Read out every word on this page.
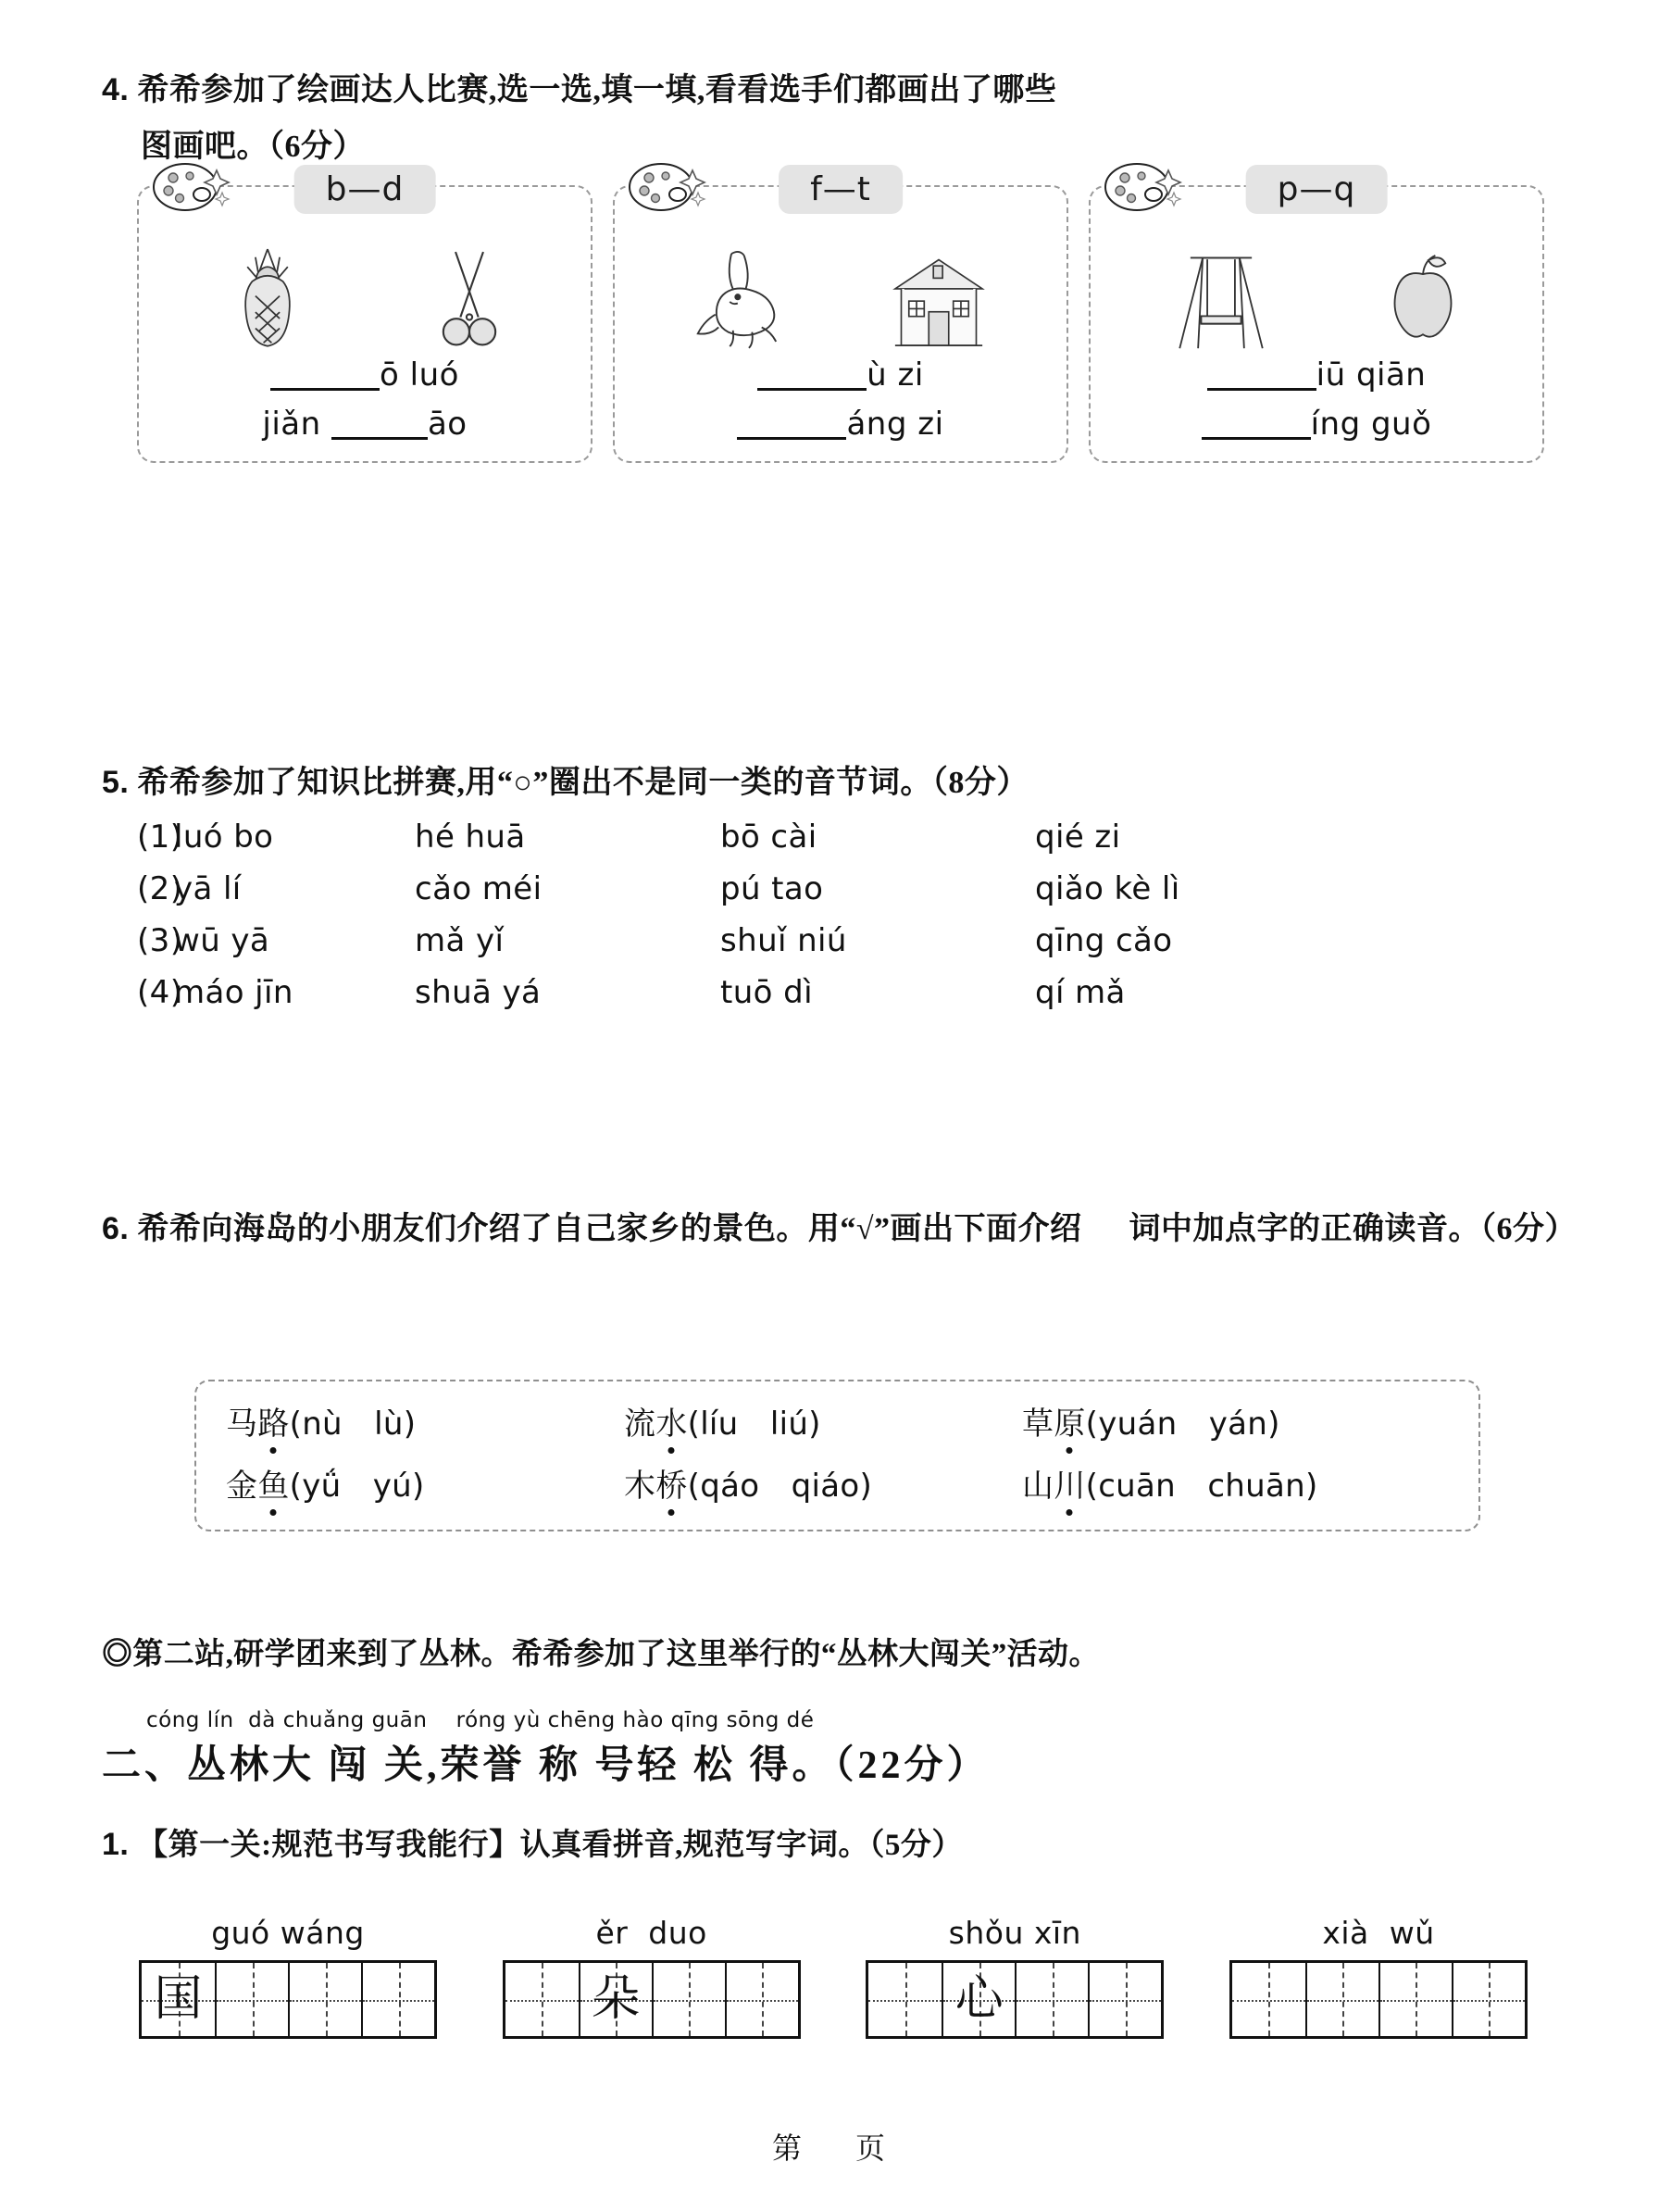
4. 希希参加了绘画达人比赛,选一选,填一填,看看选手们都画出了哪些
图画吧。（6分）
b—d
ō luó
jiǎn	āo
f—t
ù zi
áng zi
p—q
iū qiān
íng guǒ
5. 希希参加了知识比拼赛,用“○”圈出不是同一类的音节词。（8分）
(1)
luó bo	hé huā	bō cài	qié zi
(2)
yā lí	cǎo méi	pú tao	qiǎo kè lì
(3)
wū yā	mǎ yǐ	shuǐ niú	qīng cǎo
(4)
máo jīn	shuā yá	tuō dì	qí mǎ
6. 希希向海岛的小朋友们介绍了自己家乡的景色。用“√”画出下面介绍 词中加点字的正确读音。（6分）
马路(nù　lù)	流水(líu　liú)	草原(yuán　yán)
金鱼(yǘ　yú)	木桥(qáo　qiáo)	山川(cuān　chuān)
◎第二站,研学团来到了丛林。希希参加了这里举行的“丛林大闯关”活动。
cóng lín  dà chuǎng guān    róng yù chēng hào qīng sōng dé
二、丛林大 闯 关,荣誉 称 号轻 松 得。（22分）
1. 【第一关:规范书写我能行】认真看拼音,规范写字词。（5分）
guó wáng
国
ěr  duo
朵
shǒu xīn
心
xià  wǔ
第 页
